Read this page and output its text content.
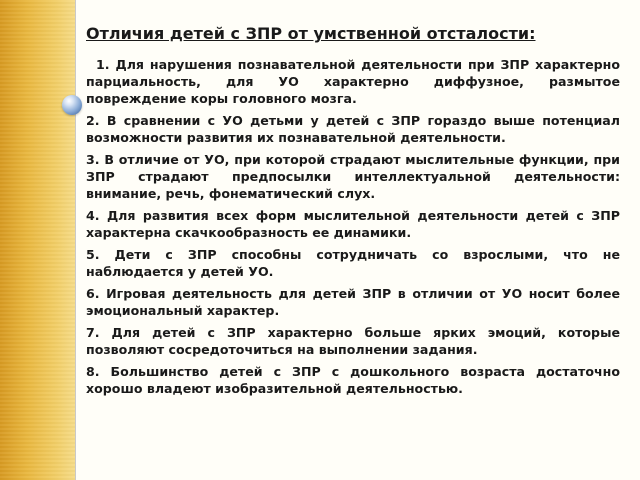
Отличия детей с ЗПР от умственной отсталости:
1. Для нарушения познавательной деятельности при ЗПР характерно парциальность, для УО характерно диффузное, размытое повреждение коры головного мозга.
2. В сравнении с УО детьми у детей с ЗПР гораздо выше потенциал возможности развития их познавательной деятельности.
3. В отличие от УО, при которой страдают мыслительные функции, при ЗПР страдают предпосылки интеллектуальной деятельности: внимание, речь, фонематический слух.
4. Для развития всех форм мыслительной деятельности детей с ЗПР характерна скачкообразность ее динамики.
5. Дети с ЗПР способны сотрудничать со взрослыми, что не наблюдается у детей УО.
6. Игровая деятельность для детей ЗПР в отличии от УО носит более эмоциональный характер.
7. Для детей с ЗПР характерно больше ярких эмоций, которые позволяют сосредоточиться на выполнении задания.
8. Большинство детей с ЗПР с дошкольного возраста достаточно хорошо владеют изобразительной деятельностью.
